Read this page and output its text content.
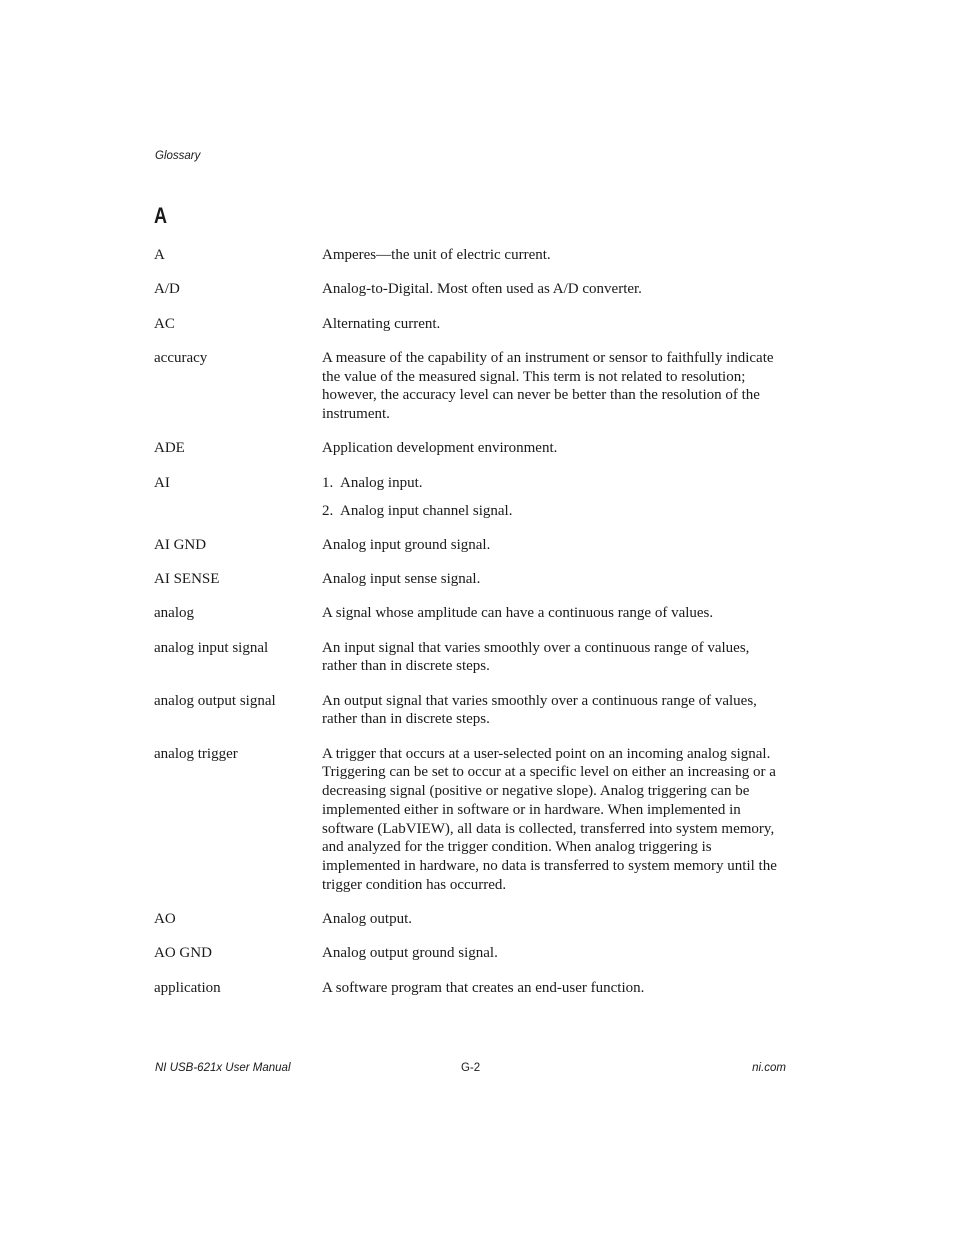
Glossary
A
A	Amperes—the unit of electric current.
A/D	Analog-to-Digital. Most often used as A/D converter.
AC	Alternating current.
accuracy	A measure of the capability of an instrument or sensor to faithfully indicate the value of the measured signal. This term is not related to resolution; however, the accuracy level can never be better than the resolution of the instrument.
ADE	Application development environment.
AI	1. Analog input.
2. Analog input channel signal.
AI GND	Analog input ground signal.
AI SENSE	Analog input sense signal.
analog	A signal whose amplitude can have a continuous range of values.
analog input signal	An input signal that varies smoothly over a continuous range of values, rather than in discrete steps.
analog output signal	An output signal that varies smoothly over a continuous range of values, rather than in discrete steps.
analog trigger	A trigger that occurs at a user-selected point on an incoming analog signal. Triggering can be set to occur at a specific level on either an increasing or a decreasing signal (positive or negative slope). Analog triggering can be implemented either in software or in hardware. When implemented in software (LabVIEW), all data is collected, transferred into system memory, and analyzed for the trigger condition. When analog triggering is implemented in hardware, no data is transferred to system memory until the trigger condition has occurred.
AO	Analog output.
AO GND	Analog output ground signal.
application	A software program that creates an end-user function.
NI USB-621x User Manual	G-2	ni.com
